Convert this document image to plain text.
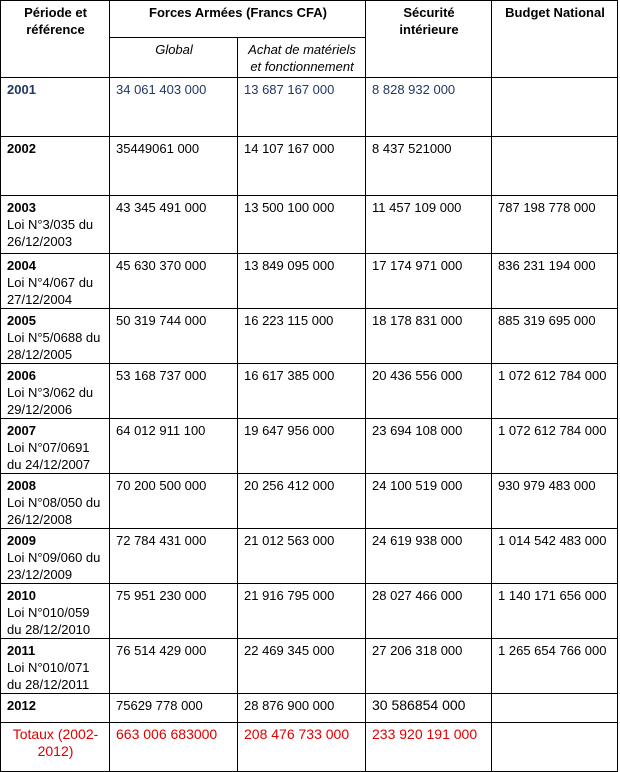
Période et référence	Forces Armées (Francs CFA)		Sécurité intérieure	Budget National
	Global	Achat de matériels et fonctionnement		

2001	34 061 403 000	13 687 167 000	8 828 932 000	

2002	35449061 000	14 107 167 000	8 437 521000	

2003
Loi N°3/035 du 26/12/2003	43 345 491 000	13 500 100 000	11 457 109 000	787 198 778 000

2004
Loi N°4/067 du 27/12/2004	45 630 370 000	13 849 095 000	17 174 971 000	836 231 194 000

2005
Loi N°5/0688 du 28/12/2005	50 319 744 000	16 223 115 000	18 178 831 000	885 319 695 000

2006
Loi N°3/062 du 29/12/2006	53 168 737 000	16 617 385 000	20 436 556 000	1 072 612 784 000

2007
Loi N°07/0691 du 24/12/2007	64 012 911 100	19 647 956 000	23 694 108 000	1 072 612 784 000

2008
Loi N°08/050 du 26/12/2008	70 200 500 000	20 256 412 000	24 100 519 000	930 979 483 000

2009
Loi N°09/060 du 23/12/2009	72 784 431 000	21 012 563 000	24 619 938 000	1 014 542 483 000

2010
Loi N°010/059 du 28/12/2010	75 951 230 000	21 916 795 000	28 027 466 000	1 140 171 656 000

2011
Loi N°010/071 du 28/12/2011	76 514 429 000	22 469 345 000	27 206 318 000	1 265 654 766 000

2012	75629 778 000	28 876 900 000	30 586854 000	
Totaux (2002-2012)	663 006 683000	208 476 733 000	233 920 191 000	
